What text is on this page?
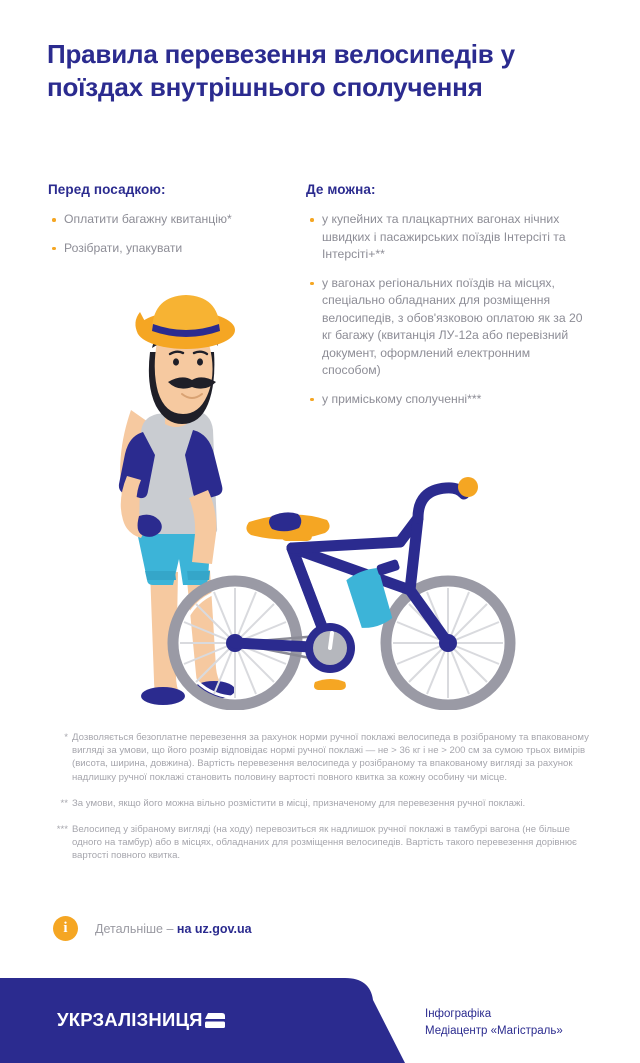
Правила перевезення велосипедів у поїздах внутрішнього сполучення
Перед посадкою:
Оплатити багажну квитанцію*
Розібрати, упакувати
Де можна:
у купейних та плацкартних вагонах нічних швидких і пасажирських поїздів Інтерсіті та Інтерсіті+**
у вагонах регіональних поїздів на місцях, спеціально обладнаних для розміщення велосипедів, з обов'язковою оплатою як за 20 кг багажу (квитанція ЛУ-12а або перевізний документ, оформлений електронним способом)
у приміському сполученні***
* Дозволяється безоплатне перевезення за рахунок норми ручної поклажі велосипеда в розібраному та впакованому вигляді за умови, що його розмір відповідає нормі ручної поклажі — не > 36 кг і не > 200 см за сумою трьох вимірів (висота, ширина, довжина). Вартість перевезення велосипеда у розібраному та впакованому вигляді за рахунок надлишку ручної поклажі становить половину вартості повного квитка за кожну особину чи місце.
** За умови, якщо його можна вільно розмістити в місці, призначеному для перевезення ручної поклажі.
*** Велосипед у зібраному вигляді (на ходу) перевозиться як надлишок ручної поклажі в тамбурі вагона (не більше одного на тамбур) або в місцях, обладнаних для розміщення велосипедів. Вартість такого перевезення дорівнює вартості повного квитка.
i	Детальніше – на uz.gov.ua
УКРЗАЛІЗНИЦЯ	Інфографіка
Медіацентр «Магістраль»
